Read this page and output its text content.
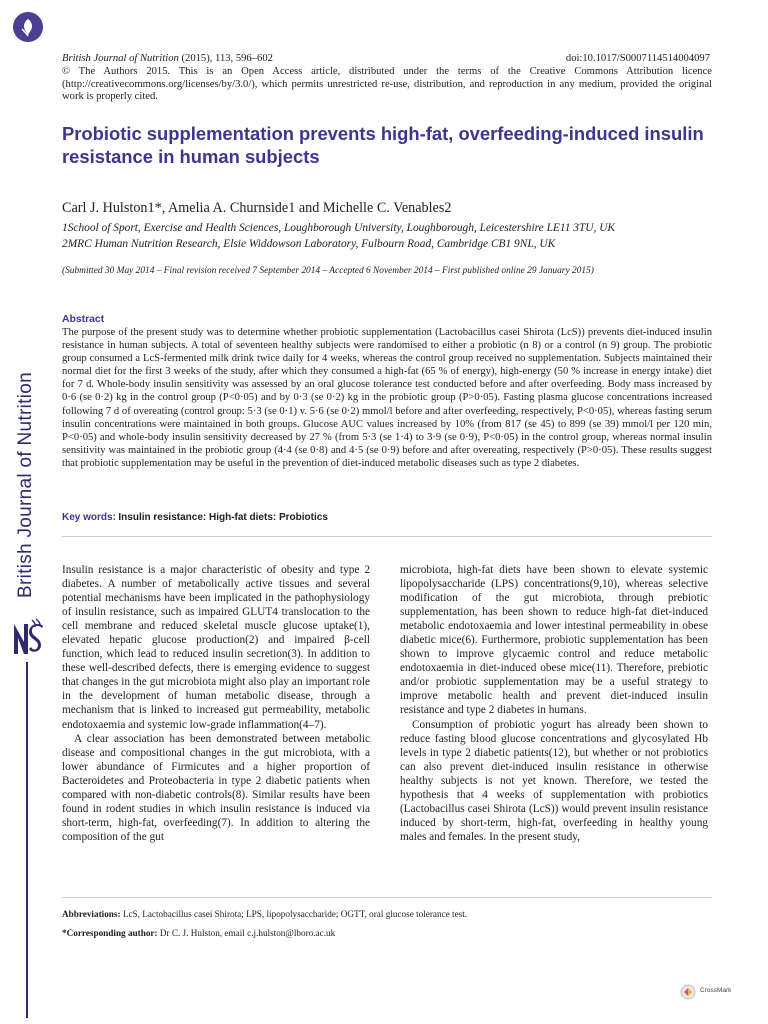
British Journal of Nutrition
British Journal of Nutrition (2015), 113, 596–602	doi:10.1017/S0007114514004097
© The Authors 2015. This is an Open Access article, distributed under the terms of the Creative Commons Attribution licence (http://creativecommons.org/licenses/by/3.0/), which permits unrestricted re-use, distribution, and reproduction in any medium, provided the original work is properly cited.
Probiotic supplementation prevents high-fat, overfeeding-induced insulin resistance in human subjects
Carl J. Hulston1*, Amelia A. Churnside1 and Michelle C. Venables2
1School of Sport, Exercise and Health Sciences, Loughborough University, Loughborough, Leicestershire LE11 3TU, UK
2MRC Human Nutrition Research, Elsie Widdowson Laboratory, Fulbourn Road, Cambridge CB1 9NL, UK
(Submitted 30 May 2014 – Final revision received 7 September 2014 – Accepted 6 November 2014 – First published online 29 January 2015)
Abstract
The purpose of the present study was to determine whether probiotic supplementation (Lactobacillus casei Shirota (LcS)) prevents diet-induced insulin resistance in human subjects. A total of seventeen healthy subjects were randomised to either a probiotic (n 8) or a control (n 9) group. The probiotic group consumed a LcS-fermented milk drink twice daily for 4 weeks, whereas the control group received no supplementation. Subjects maintained their normal diet for the first 3 weeks of the study, after which they consumed a high-fat (65 % of energy), high-energy (50 % increase in energy intake) diet for 7 d. Whole-body insulin sensitivity was assessed by an oral glucose tolerance test conducted before and after overfeeding. Body mass increased by 0·6 (se 0·2) kg in the control group (P<0·05) and by 0·3 (se 0·2) kg in the probiotic group (P>0·05). Fasting plasma glucose concentrations increased following 7 d of overeating (control group: 5·3 (se 0·1) v. 5·6 (se 0·2) mmol/l before and after overfeeding, respectively, P<0·05), whereas fasting serum insulin concentrations were maintained in both groups. Glucose AUC values increased by 10% (from 817 (se 45) to 899 (se 39) mmol/l per 120 min, P<0·05) and whole-body insulin sensitivity decreased by 27 % (from 5·3 (se 1·4) to 3·9 (se 0·9), P<0·05) in the control group, whereas normal insulin sensitivity was maintained in the probiotic group (4·4 (se 0·8) and 4·5 (se 0·9) before and after overeating, respectively (P>0·05). These results suggest that probiotic supplementation may be useful in the prevention of diet-induced metabolic diseases such as type 2 diabetes.
Key words: Insulin resistance: High-fat diets: Probiotics

Insulin resistance is a major characteristic of obesity and type 2 diabetes. A number of metabolically active tissues and several potential mechanisms have been implicated in the pathophysiology of insulin resistance, such as impaired GLUT4 translocation to the cell membrane and reduced skeletal muscle glucose uptake(1), elevated hepatic glucose production(2) and impaired β-cell function, which lead to reduced insulin secretion(3). In addition to these well-described defects, there is emerging evidence to suggest that changes in the gut microbiota might also play an important role in the development of human metabolic disease, through a mechanism that is linked to increased gut permeability, metabolic endotoxaemia and systemic low-grade inflammation(4–7).

A clear association has been demonstrated between metabolic disease and compositional changes in the gut microbiota, with a lower abundance of Firmicutes and a higher proportion of Bacteroidetes and Proteobacteria in type 2 diabetic patients when compared with non-diabetic controls(8). Similar results have been found in rodent studies in which insulin resistance is induced via short-term, high-fat, overfeeding(7). In addition to altering the composition of the gut

microbiota, high-fat diets have been shown to elevate systemic lipopolysaccharide (LPS) concentrations(9,10), whereas selective modification of the gut microbiota, through prebiotic supplementation, has been shown to reduce high-fat diet-induced metabolic endotoxaemia and lower intestinal permeability in obese diabetic mice(6). Furthermore, probiotic supplementation has been shown to improve glycaemic control and reduce metabolic endotoxaemia in diet-induced obese mice(11). Therefore, prebiotic and/or probiotic supplementation may be a useful strategy to improve metabolic health and prevent diet-induced insulin resistance and type 2 diabetes in humans.

Consumption of probiotic yogurt has already been shown to reduce fasting blood glucose concentrations and glycosylated Hb levels in type 2 diabetic patients(12), but whether or not probiotics can also prevent diet-induced insulin resistance in otherwise healthy subjects is not yet known. Therefore, we tested the hypothesis that 4 weeks of supplementation with probiotics (Lactobacillus casei Shirota (LcS)) would prevent insulin resistance induced by short-term, high-fat, overfeeding in healthy young males and females. In the present study,

Abbreviations: LcS, Lactobacillus casei Shirota; LPS, lipopolysaccharide; OGTT, oral glucose tolerance test.
*Corresponding author: Dr C. J. Hulston, email c.j.hulston@lboro.ac.uk
CrossMark
